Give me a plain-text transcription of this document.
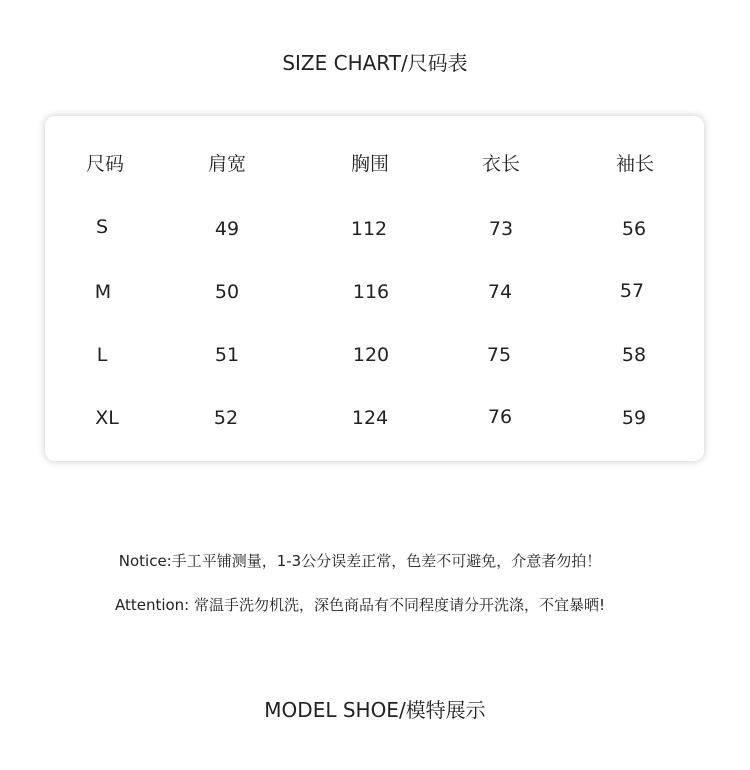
SIZE CHART/尺码表
尺码	肩宽	胸围	衣长	袖长
S	49	112	73	56
M	50	116	74	57
L	51	120	75	58
XL	52	124	76	59
Notice:手工平铺测量，1-3公分误差正常，色差不可避免，介意者勿拍！
Attention: 常温手洗勿机洗，深色商品有不同程度请分开洗涤，不宜暴晒!
MODEL SHOE/模特展示
